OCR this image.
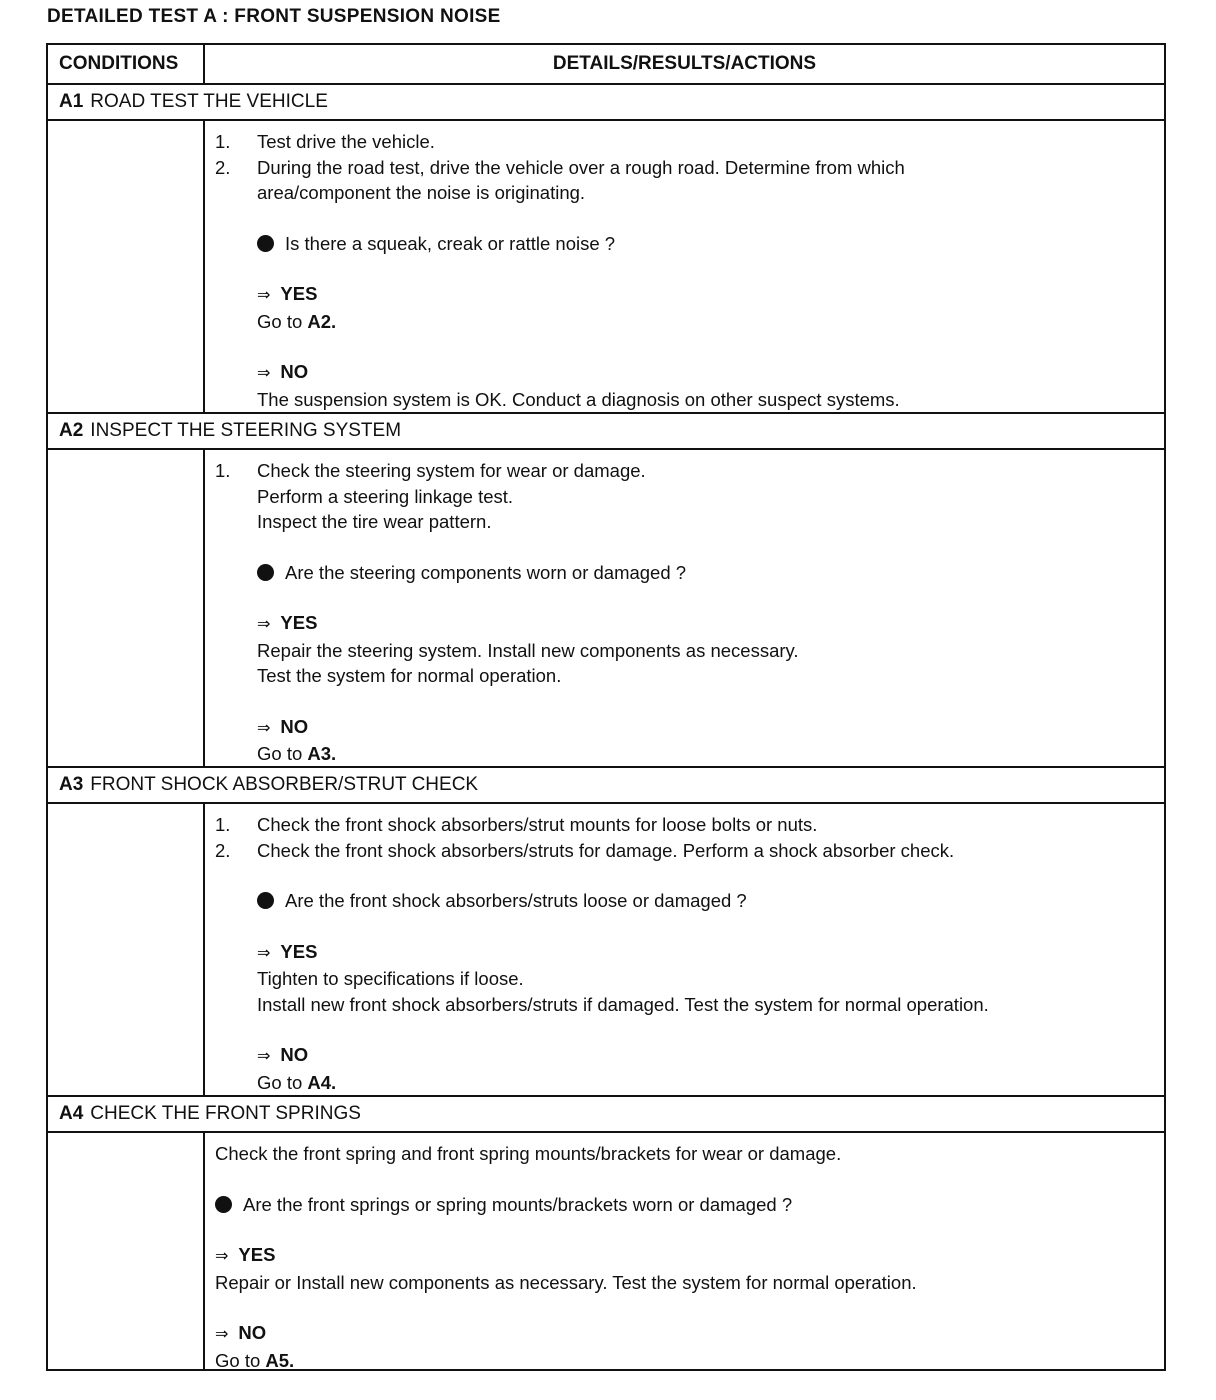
DETAILED TEST A : FRONT SUSPENSION NOISE
CONDITIONS	DETAILS/RESULTS/ACTIONS
A1 ROAD TEST THE VEHICLE
1.	Test drive the vehicle.
2.	During the road test, drive the vehicle over a rough road. Determine from which
area/component the noise is originating.
Is there a squeak, creak or rattle noise ?
⇒ YES
Go to A2.
⇒ NO
The suspension system is OK. Conduct a diagnosis on other suspect systems.
A2 INSPECT THE STEERING SYSTEM
1.	Check the steering system for wear or damage.
Perform a steering linkage test.
Inspect the tire wear pattern.
Are the steering components worn or damaged ?
⇒ YES
Repair the steering system. Install new components as necessary.
Test the system for normal operation.
⇒ NO
Go to A3.
A3 FRONT SHOCK ABSORBER/STRUT CHECK
1.	Check the front shock absorbers/strut mounts for loose bolts or nuts.
2.	Check the front shock absorbers/struts for damage. Perform a shock absorber check.
Are the front shock absorbers/struts loose or damaged ?
⇒ YES
Tighten to specifications if loose.
Install new front shock absorbers/struts if damaged. Test the system for normal operation.
⇒ NO
Go to A4.
A4 CHECK THE FRONT SPRINGS
Check the front spring and front spring mounts/brackets for wear or damage.
Are the front springs or spring mounts/brackets worn or damaged ?
⇒ YES
Repair or Install new components as necessary. Test the system for normal operation.
⇒ NO
Go to A5.
